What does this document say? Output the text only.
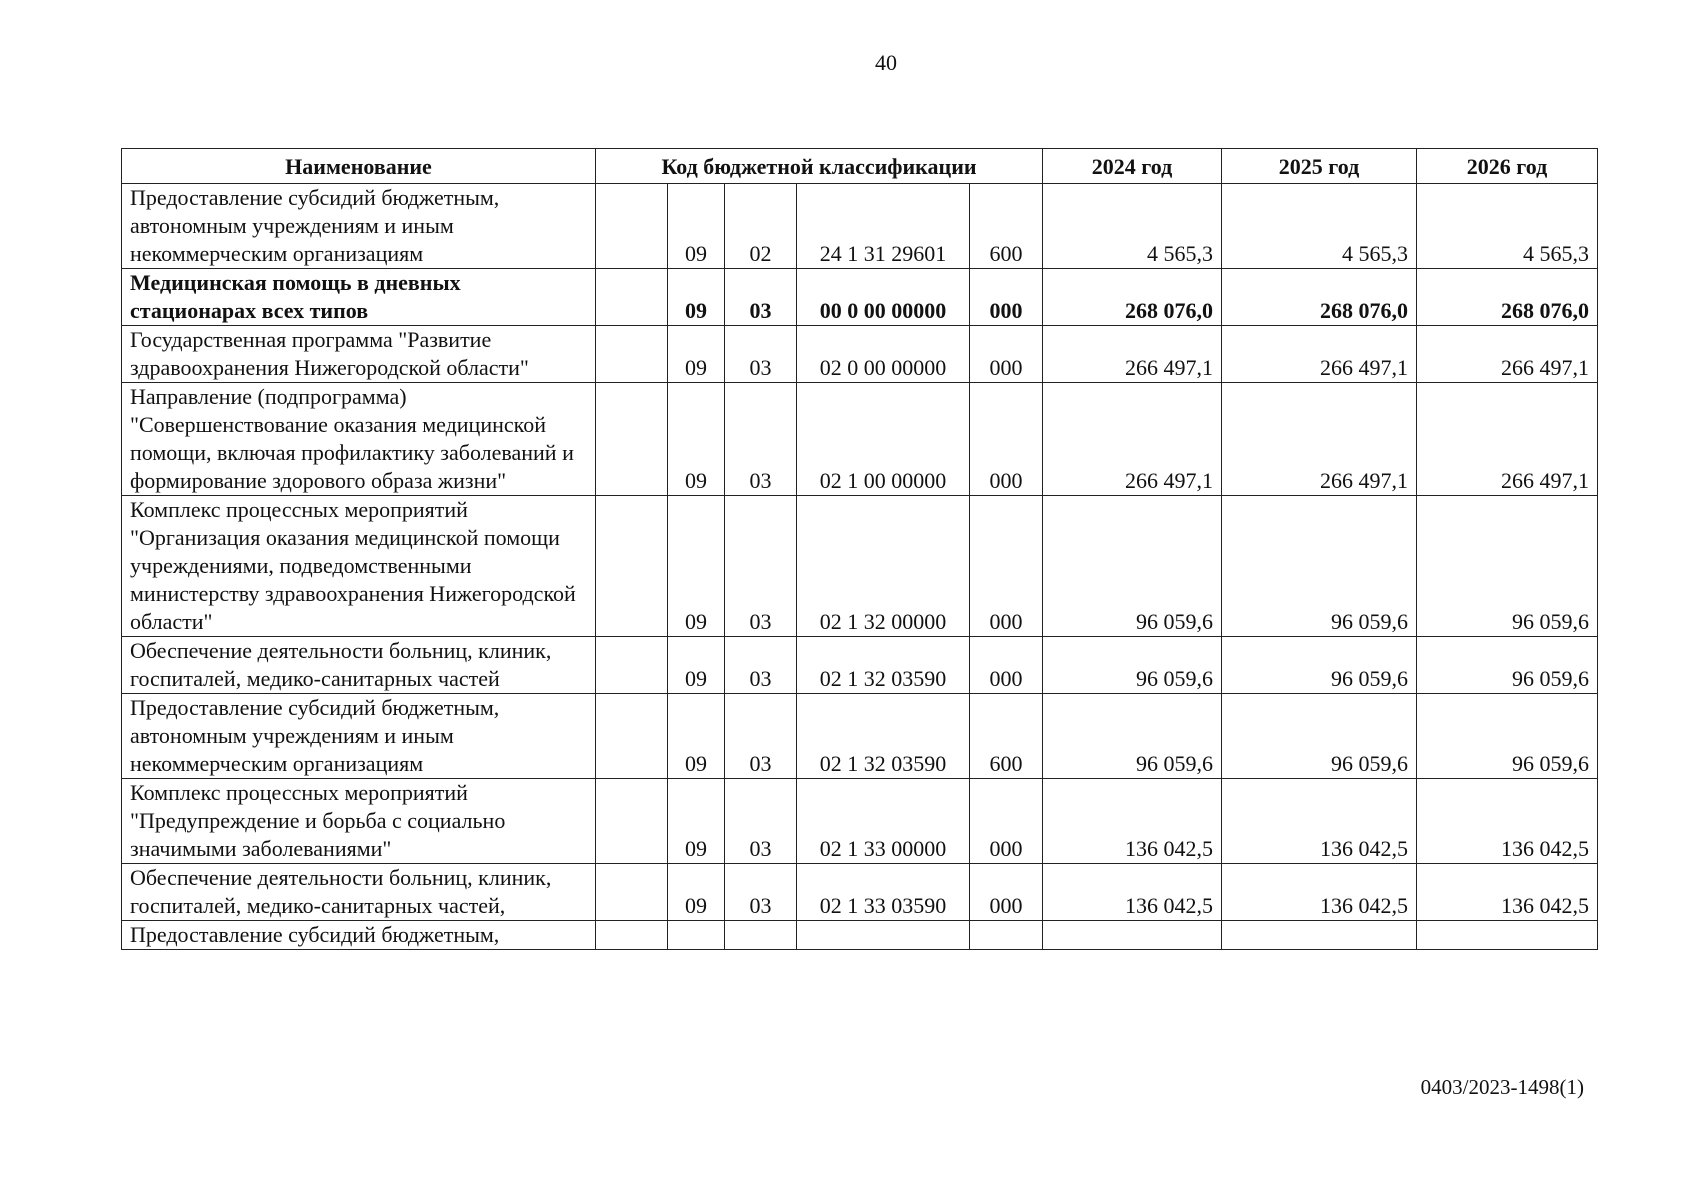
40
Наименование	Код бюджетной классификации					2024 год	2025 год	2026 год
Предоставление субсидий бюджетным, автономным учреждениям и иным некоммерческим организациям		09	02	24 1 31 29601	600	4 565,3	4 565,3	4 565,3
Медицинская помощь в дневных стационарах всех типов		09	03	00 0 00 00000	000	268 076,0	268 076,0	268 076,0
Государственная программа "Развитие здравоохранения Нижегородской области"		09	03	02 0 00 00000	000	266 497,1	266 497,1	266 497,1
Направление (подпрограмма) "Совершенствование оказания медицинской помощи, включая профилактику заболеваний и формирование здорового образа жизни"		09	03	02 1 00 00000	000	266 497,1	266 497,1	266 497,1
Комплекс процессных мероприятий "Организация оказания медицинской помощи учреждениями, подведомственными министерству здравоохранения Нижегородской области"		09	03	02 1 32 00000	000	96 059,6	96 059,6	96 059,6
Обеспечение деятельности больниц, клиник, госпиталей, медико-санитарных частей		09	03	02 1 32 03590	000	96 059,6	96 059,6	96 059,6
Предоставление субсидий бюджетным, автономным учреждениям и иным некоммерческим организациям		09	03	02 1 32 03590	600	96 059,6	96 059,6	96 059,6
Комплекс процессных мероприятий "Предупреждение и борьба с социально значимыми заболеваниями"		09	03	02 1 33 00000	000	136 042,5	136 042,5	136 042,5
Обеспечение деятельности больниц, клиник, госпиталей, медико-санитарных частей,		09	03	02 1 33 03590	000	136 042,5	136 042,5	136 042,5
Предоставление субсидий бюджетным,								
0403/2023-1498(1)
